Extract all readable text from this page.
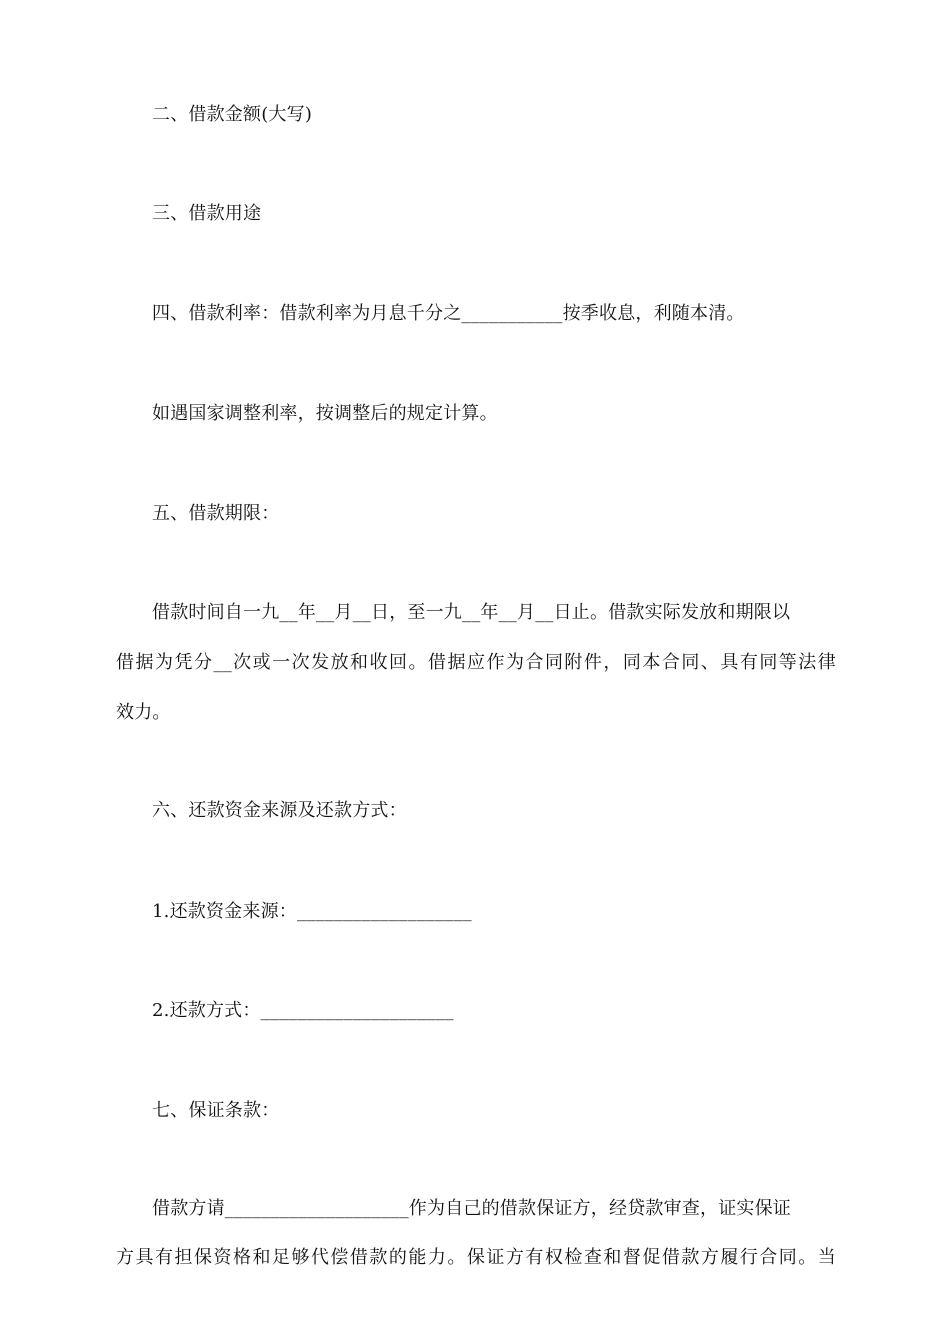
二、借款金额(大写)
三、借款用途
四、借款利率：借款利率为月息千分之___________按季收息，利随本清。
如遇国家调整利率，按调整后的规定计算。
五、借款期限：
借款时间自一九__年__月__日，至一九__年__月__日止。借款实际发放和期限以
借据为凭分__次或一次发放和收回。借据应作为合同附件，同本合同、具有同等法律
效力。
六、还款资金来源及还款方式：
1.还款资金来源：___________________
2.还款方式：_____________________
七、保证条款：
借款方请____________________作为自己的借款保证方，经贷款审查，证实保证
方具有担保资格和足够代偿借款的能力。保证方有权检查和督促借款方履行合同。当
